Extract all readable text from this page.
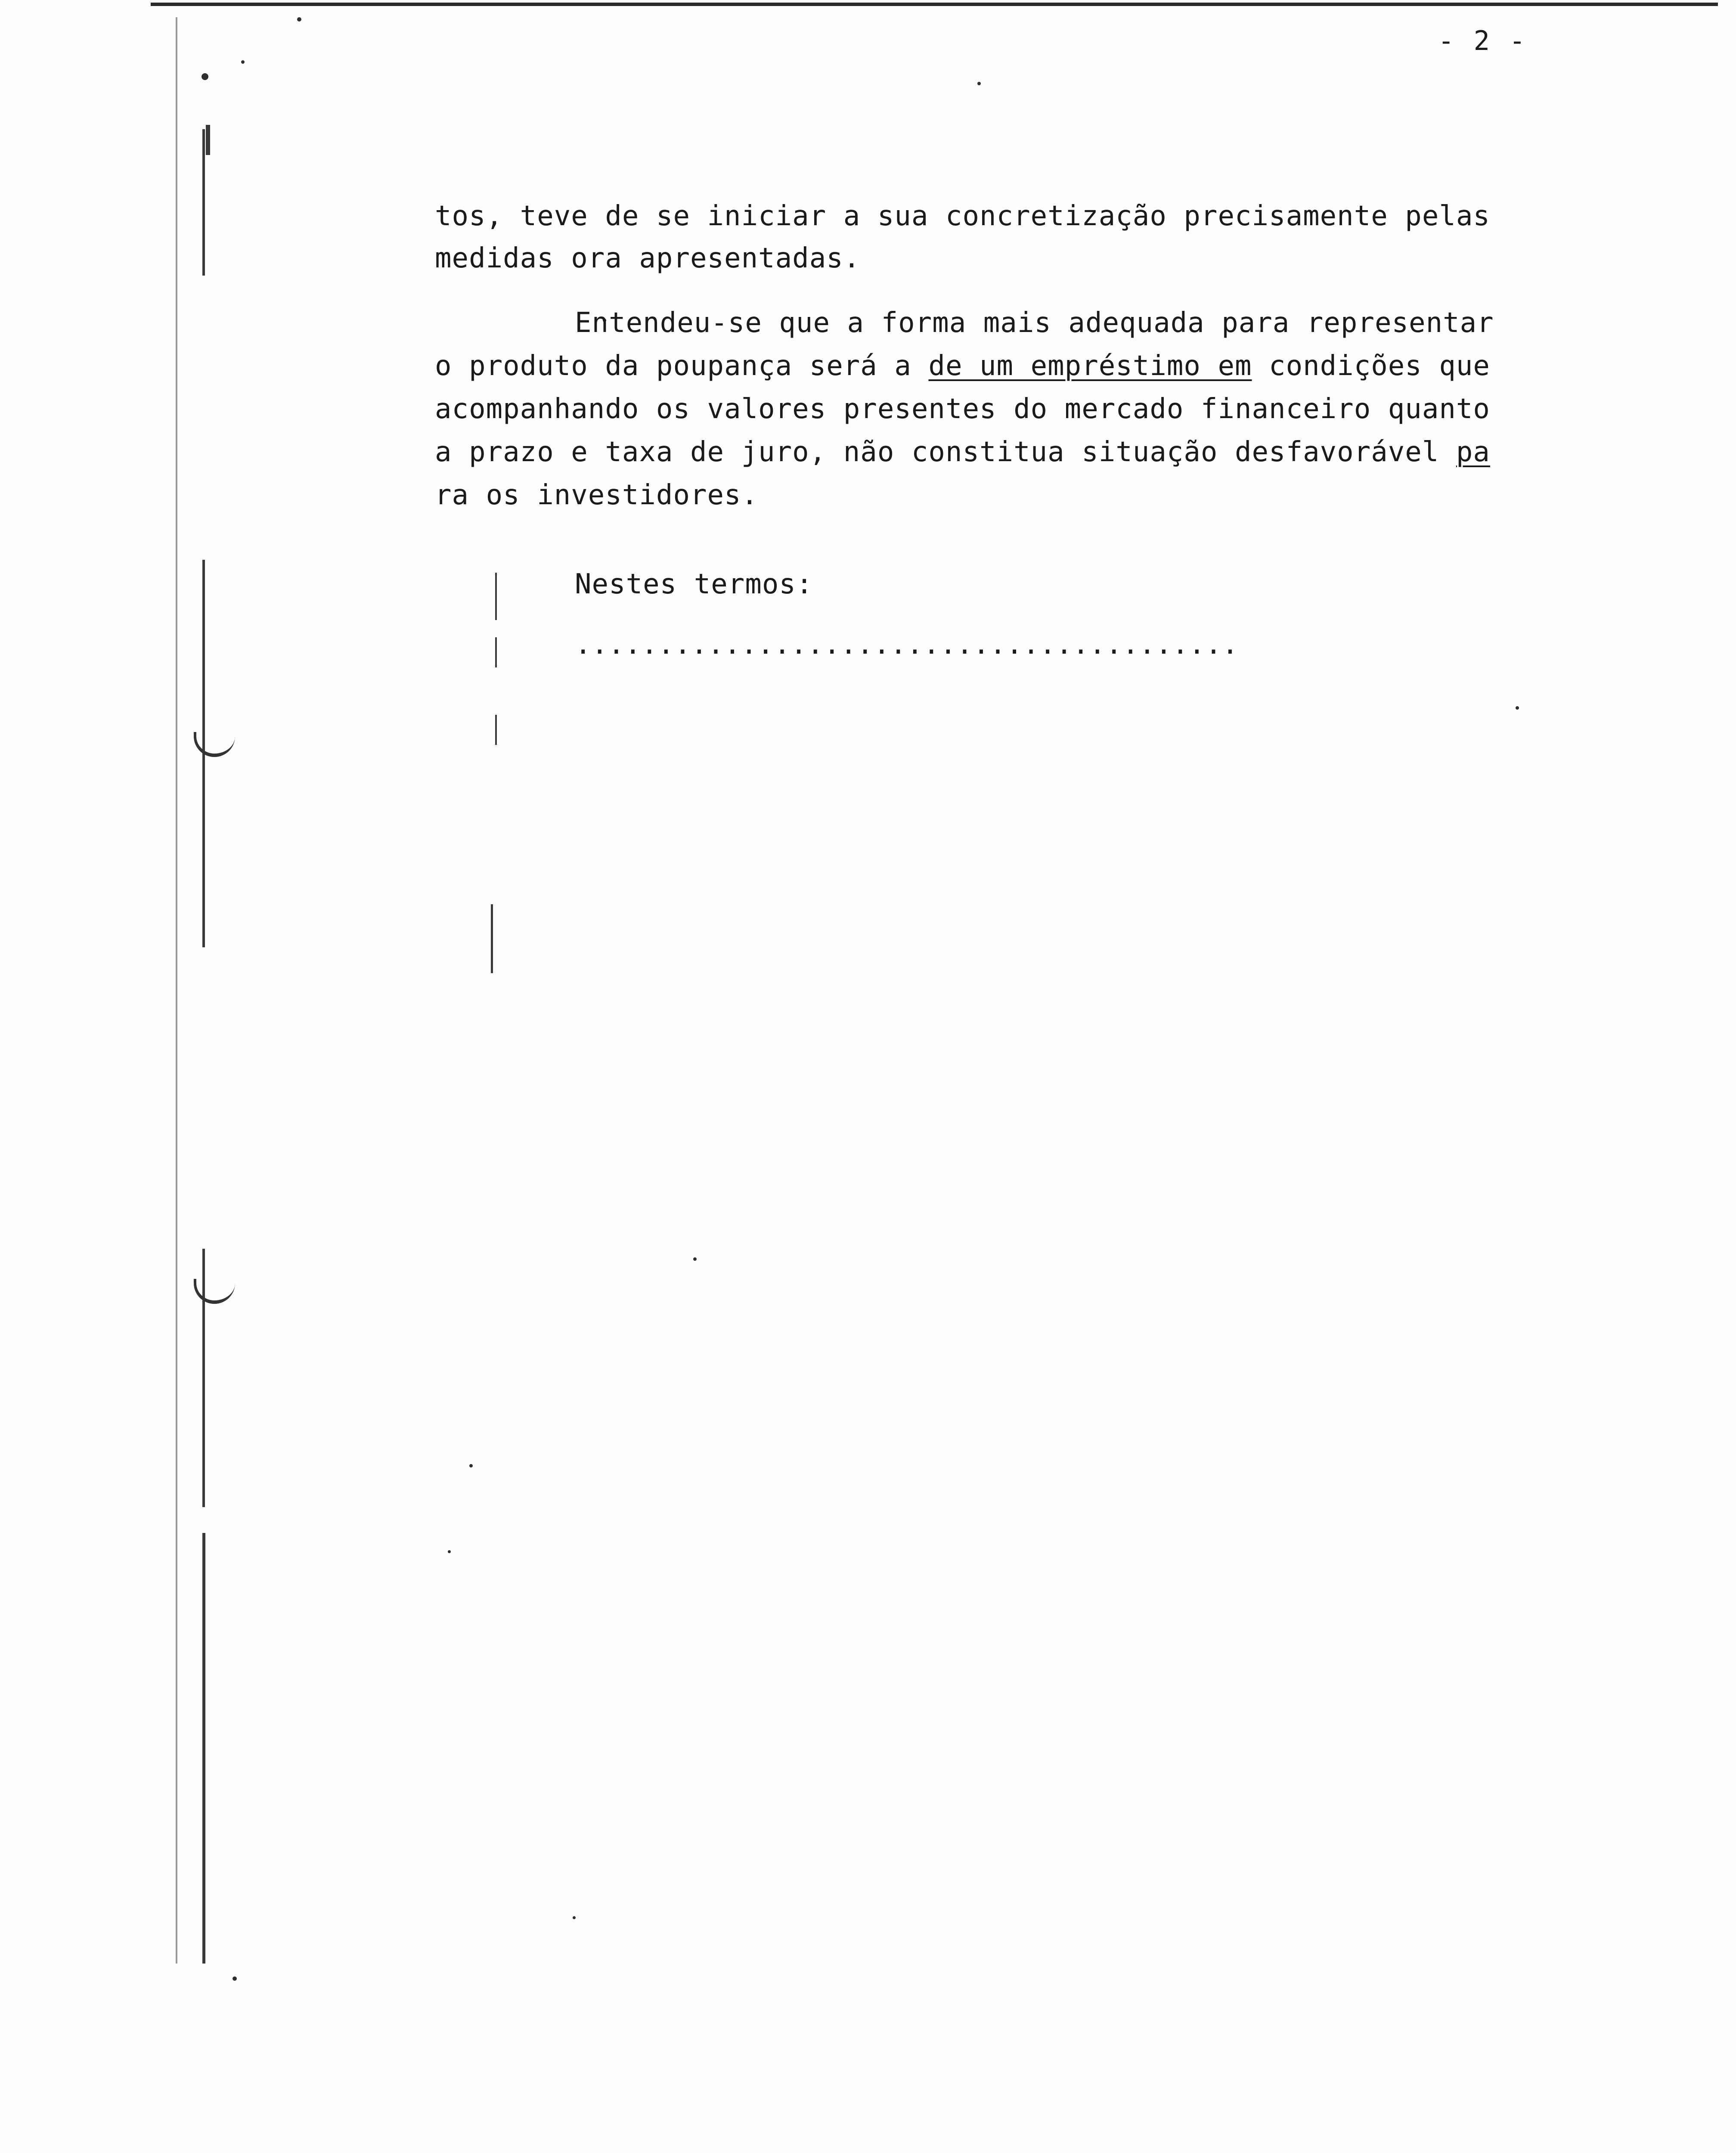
- 2 -
tos, teve de se iniciar a sua concretização precisamente pelas
medidas ora apresentadas.
Entendeu-se que a forma mais adequada para representar
o produto da poupança será a de um empréstimo em condições que
acompanhando os valores presentes do mercado financeiro quanto
a prazo e taxa de juro, não constitua situação desfavorável pa
ra os investidores.
Nestes termos:
........................................
